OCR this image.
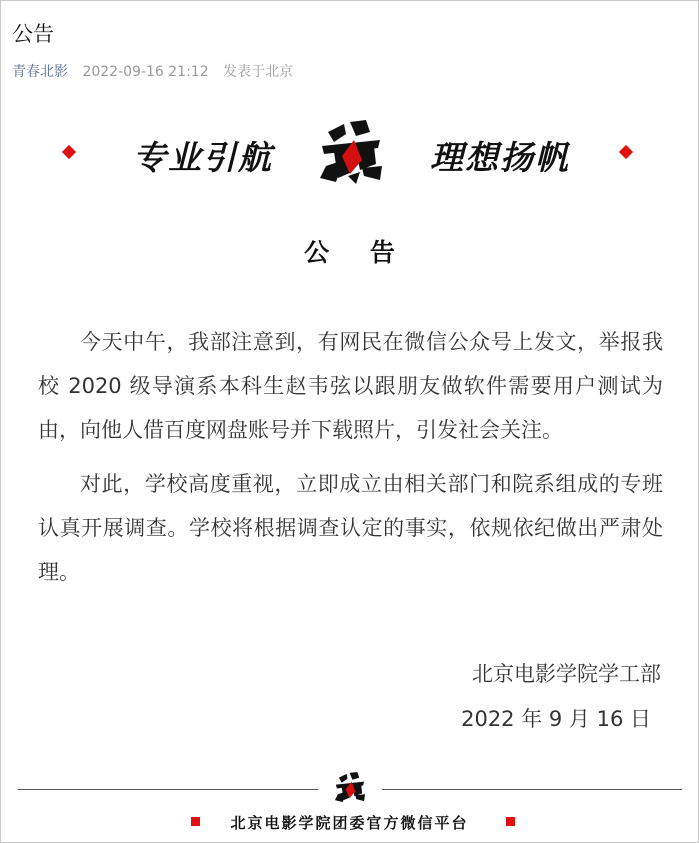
公告
青春北影 2022-09-16 21:12 发表于北京
专业引航	理想扬帆
公 告

今天中午，我部注意到，有网民在微信公众号上发文，举报我校 2020 级导演系本科生赵韦弦以跟朋友做软件需要用户测试为由，向他人借百度网盘账号并下载照片，引发社会关注。

对此，学校高度重视，立即成立由相关部门和院系组成的专班认真开展调查。学校将根据调查认定的事实，依规依纪做出严肃处理。

北京电影学院学工部
2022 年 9 月 16 日
北京电影学院团委官方微信平台
